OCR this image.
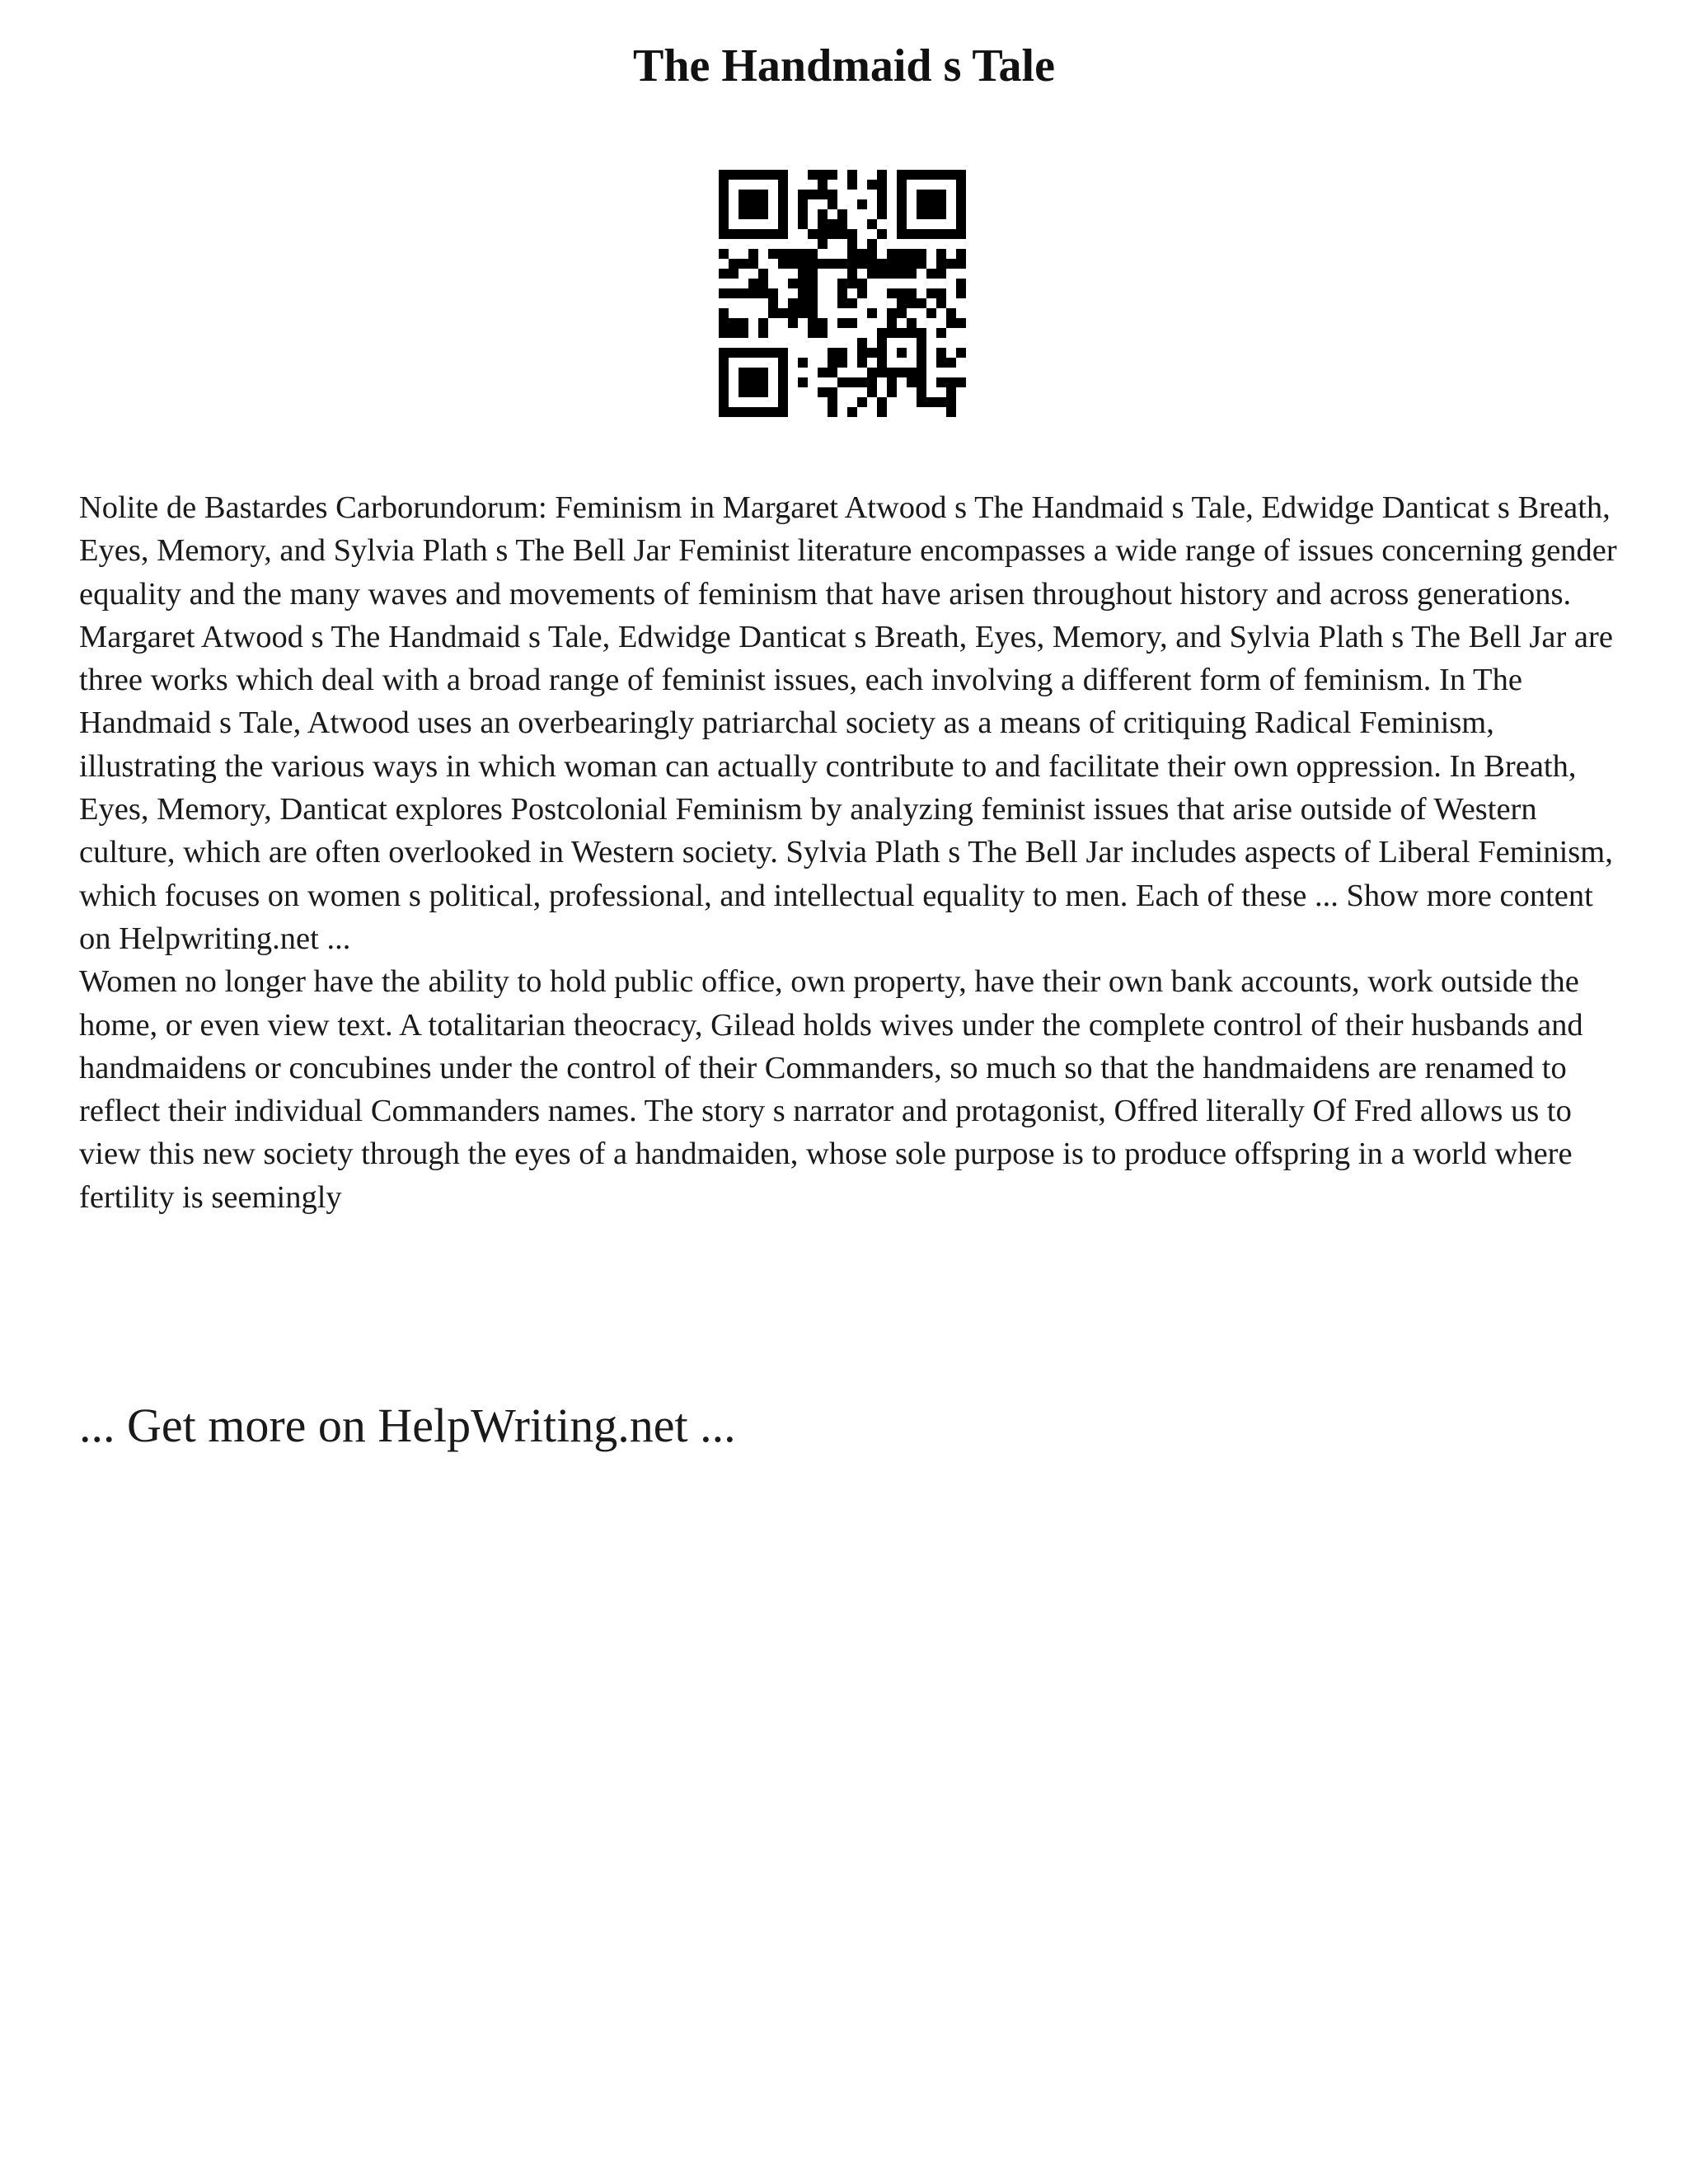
The Handmaid s Tale

Nolite de Bastardes Carborundorum: Feminism in Margaret Atwood s The Handmaid s Tale, Edwidge Danticat s Breath, Eyes, Memory, and Sylvia Plath s The Bell Jar Feminist literature encompasses a wide range of issues concerning gender equality and the many waves and movements of feminism that have arisen throughout history and across generations. Margaret Atwood s The Handmaid s Tale, Edwidge Danticat s Breath, Eyes, Memory, and Sylvia Plath s The Bell Jar are three works which deal with a broad range of feminist issues, each involving a different form of feminism. In The Handmaid s Tale, Atwood uses an overbearingly patriarchal society as a means of critiquing Radical Feminism, illustrating the various ways in which woman can actually contribute to and facilitate their own oppression. In Breath, Eyes, Memory, Danticat explores Postcolonial Feminism by analyzing feminist issues that arise outside of Western culture, which are often overlooked in Western society. Sylvia Plath s The Bell Jar includes aspects of Liberal Feminism, which focuses on women s political, professional, and intellectual equality to men. Each of these ... Show more content on Helpwriting.net ...

Women no longer have the ability to hold public office, own property, have their own bank accounts, work outside the home, or even view text. A totalitarian theocracy, Gilead holds wives under the complete control of their husbands and handmaidens or concubines under the control of their Commanders, so much so that the handmaidens are renamed to reflect their individual Commanders names. The story s narrator and protagonist, Offred literally Of Fred allows us to view this new society through the eyes of a handmaiden, whose sole purpose is to produce offspring in a world where fertility is seemingly

... Get more on HelpWriting.net ...
